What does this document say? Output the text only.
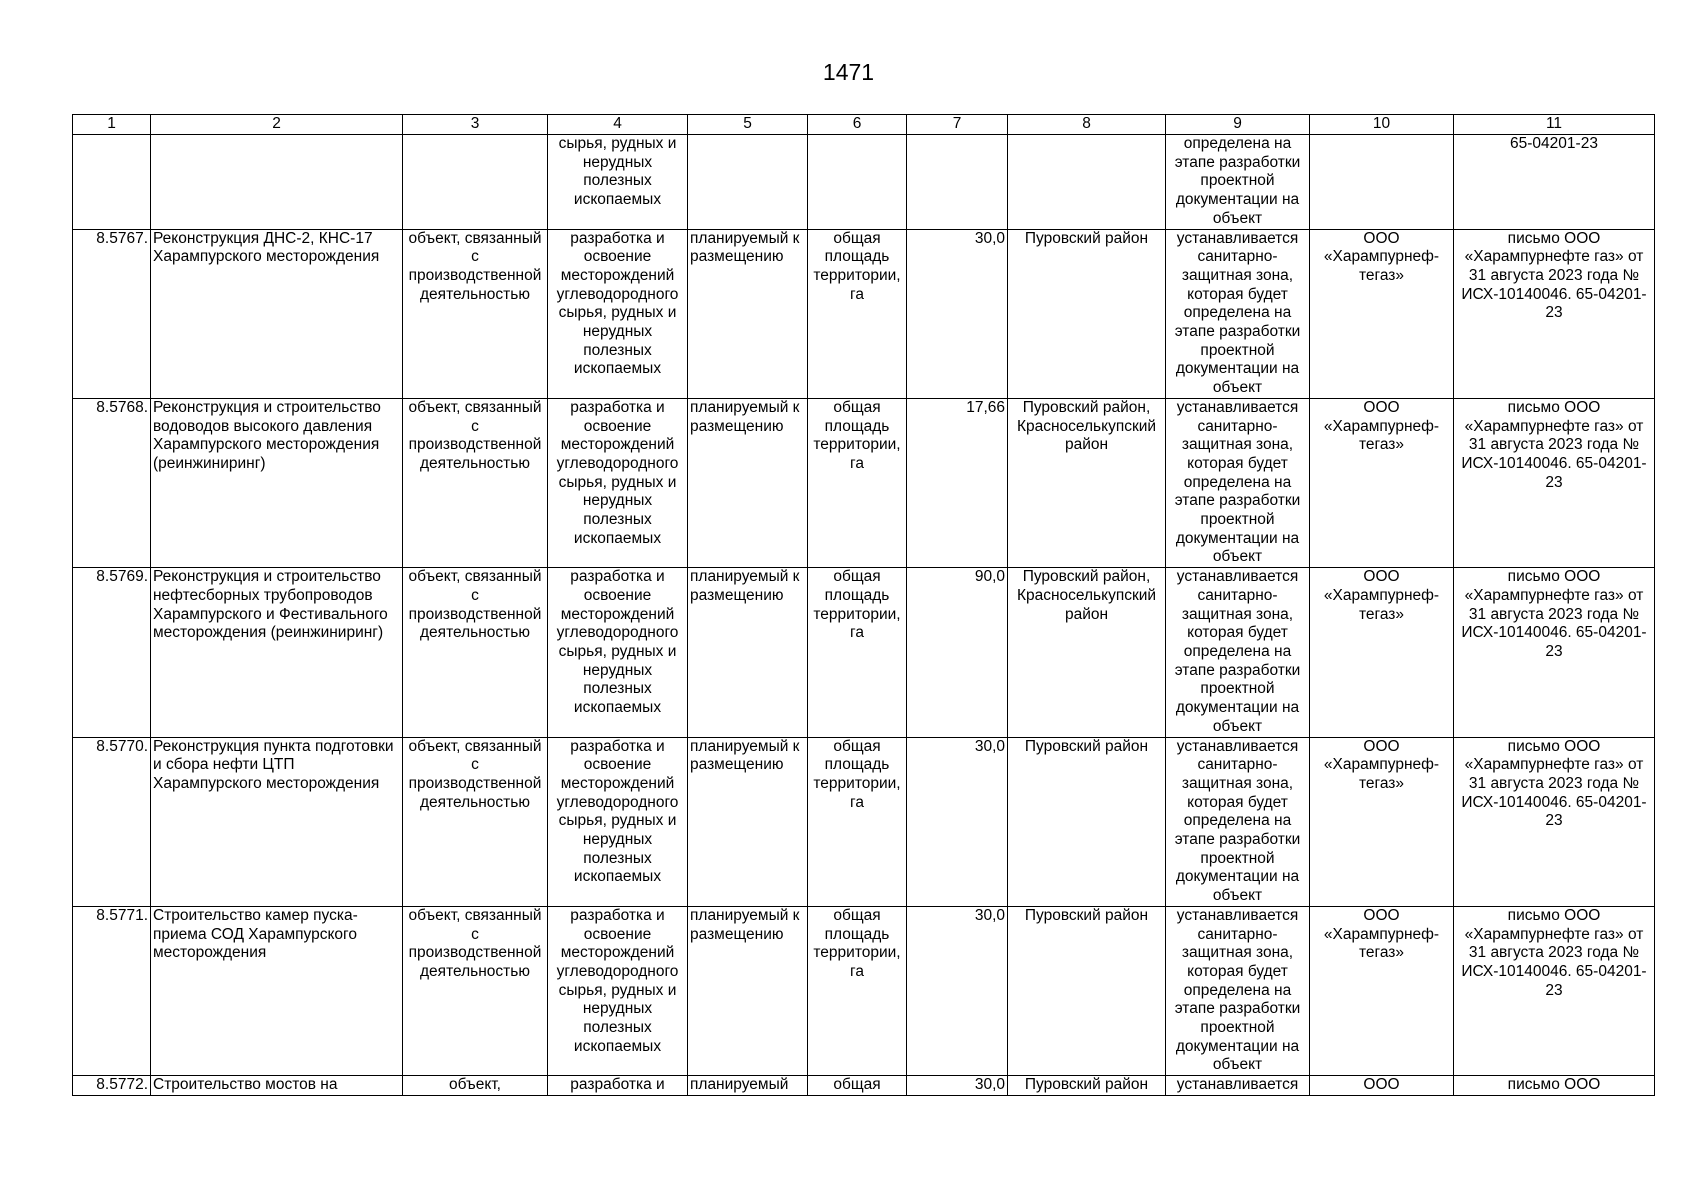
1471
1	2	3	4	5	6	7	8	9	10	11
			сырья, рудных и нерудных полезных ископаемых					определена на этапе разработки проектной документации на объект		65-04201-23
8.5767.	Реконструкция ДНС-2, КНС-17 Харампурского месторождения	объект, связанный с производственной деятельностью	разработка и освоение месторождений углеводородного сырья, рудных и нерудных полезных ископаемых	планируемый к размещению	общая площадь территории, га	30,0	Пуровский район	устанавливается санитарно-защитная зона, которая будет определена на этапе разработки проектной документации на объект	ООО «Харампурнеф-тегаз»	письмо ООО «Харампурнефте газ» от 31 августа 2023 года № ИСХ-10140046. 65-04201-23
8.5768.	Реконструкция и строительство водоводов высокого давления Харампурского месторождения (реинжиниринг)	объект, связанный с производственной деятельностью	разработка и освоение месторождений углеводородного сырья, рудных и нерудных полезных ископаемых	планируемый к размещению	общая площадь территории, га	17,66	Пуровский район, Красноселькупский район	устанавливается санитарно-защитная зона, которая будет определена на этапе разработки проектной документации на объект	ООО «Харампурнеф-тегаз»	письмо ООО «Харампурнефте газ» от 31 августа 2023 года № ИСХ-10140046. 65-04201-23
8.5769.	Реконструкция и строительство нефтесборных трубопроводов Харампурского и Фестивального месторождения (реинжиниринг)	объект, связанный с производственной деятельностью	разработка и освоение месторождений углеводородного сырья, рудных и нерудных полезных ископаемых	планируемый к размещению	общая площадь территории, га	90,0	Пуровский район, Красноселькупский район	устанавливается санитарно-защитная зона, которая будет определена на этапе разработки проектной документации на объект	ООО «Харампурнеф-тегаз»	письмо ООО «Харампурнефте газ» от 31 августа 2023 года № ИСХ-10140046. 65-04201-23
8.5770.	Реконструкция пункта подготовки и сбора нефти ЦТП Харампурского месторождения	объект, связанный с производственной деятельностью	разработка и освоение месторождений углеводородного сырья, рудных и нерудных полезных ископаемых	планируемый к размещению	общая площадь территории, га	30,0	Пуровский район	устанавливается санитарно-защитная зона, которая будет определена на этапе разработки проектной документации на объект	ООО «Харампурнеф-тегаз»	письмо ООО «Харампурнефте газ» от 31 августа 2023 года № ИСХ-10140046. 65-04201-23
8.5771.	Строительство камер пуска-приема СОД Харампурского месторождения	объект, связанный с производственной деятельностью	разработка и освоение месторождений углеводородного сырья, рудных и нерудных полезных ископаемых	планируемый к размещению	общая площадь территории, га	30,0	Пуровский район	устанавливается санитарно-защитная зона, которая будет определена на этапе разработки проектной документации на объект	ООО «Харампурнеф-тегаз»	письмо ООО «Харампурнефте газ» от 31 августа 2023 года № ИСХ-10140046. 65-04201-23
8.5772.	Строительство мостов на	объект,	разработка и	планируемый	общая	30,0	Пуровский район	устанавливается	ООО	письмо ООО
